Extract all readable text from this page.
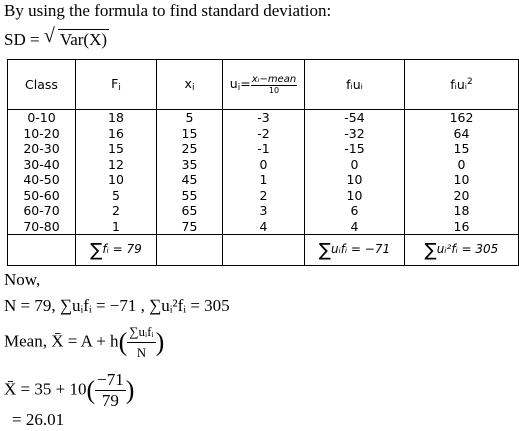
By using the formula to find standard deviation:
SD = √ Var(X)
Class	$F_i$	$x_i$	$u_i= \frac{\text{xᵢ−mean}}{10}$	fᵢuᵢ	fᵢuᵢ$^2$
0-10	18	5	-3	-54	162
10-20	16	15	-2	-32	64
20-30	15	25	-1	-15	15
30-40	12	35	0	0	0
40-50	10	45	1	10	10
50-60	5	55	2	10	20
60-70	2	65	3	6	18
70-80	1	75	4	4	16
	∑fᵢ = 79			∑uᵢfᵢ = −71	∑uᵢ²fᵢ = 305
Now,
N = 79, ∑uᵢfᵢ = −71 , ∑uᵢ²fᵢ = 305
Mean, X̄ = A + h( ∑uᵢfᵢ
N )
X̄ = $35 + 10( \frac{-71}{79}$ )
= 26.01
